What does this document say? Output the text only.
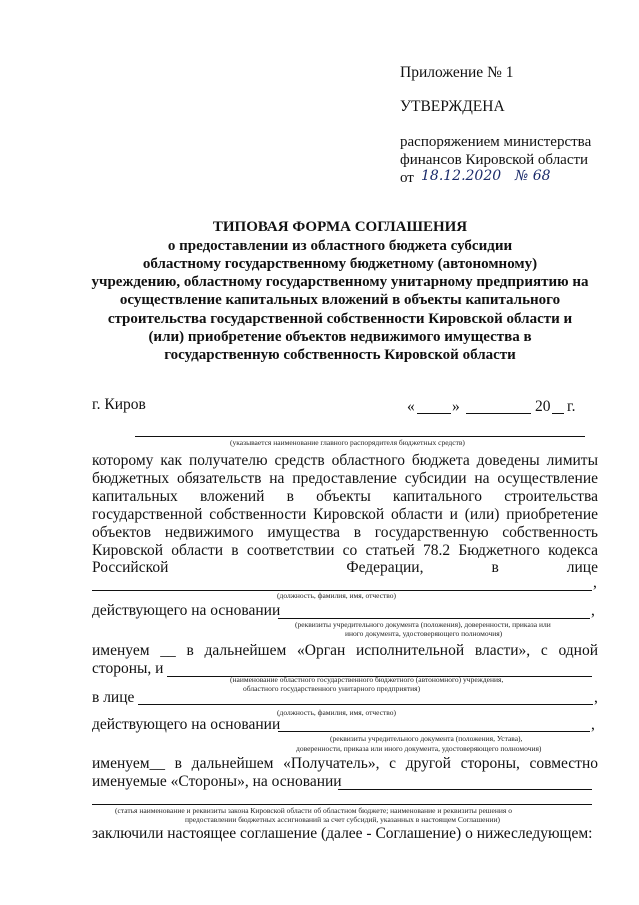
Приложение № 1
УТВЕРЖДЕНА
распоряжением министерства
финансов Кировской области
от 18.12.2020 № 68
ТИПОВАЯ ФОРМА СОГЛАШЕНИЯ
о предоставлении из областного бюджета субсидии
областному государственному бюджетному (автономному)
учреждению, областному государственному унитарному предприятию на
осуществление капитальных вложений в объекты капитального
строительства государственной собственности Кировской области и
(или) приобретение объектов недвижимого имущества в
государственную собственность Кировской области
г. Киров	« »	20 г.
(указывается наименование главного распорядителя бюджетных средств)
которому как получателю средств областного бюджета доведены лимиты
бюджетных обязательств на предоставление субсидии на осуществление
капитальных вложений в объекты капитального строительства
государственной собственности Кировской области и (или) приобретение
объектов недвижимого имущества в государственную собственность
Кировской области в соответствии со статьей 78.2 Бюджетного кодекса
Российской	Федерации,	в	лице
,
(должность, фамилия, имя, отчество)
действующего на основании	,
(реквизиты учредительного документа (положения), доверенности, приказа или
иного документа, удостоверяющего полномочия)
именуем __ в дальнейшем «Орган исполнительной власти», с одной
стороны, и
(наименование областного государственного бюджетного (автономного) учреждения,
областного государственного унитарного предприятия)
в лице	,
(должность, фамилия, имя, отчество)
действующего на основании	,
(реквизиты учредительного документа (положения, Устава),
доверенности, приказа или иного документа, удостоверяющего полномочия)
именуем__ в дальнейшем «Получатель», с другой стороны, совместно
именуемые «Стороны», на основании
(статья наименование и реквизиты закона Кировской области об областном бюджете; наименование и реквизиты решения о
предоставлении бюджетных ассигнований за счет субсидий, указанных в настоящем Соглашении)
заключили настоящее соглашение (далее - Соглашение) о нижеследующем:
